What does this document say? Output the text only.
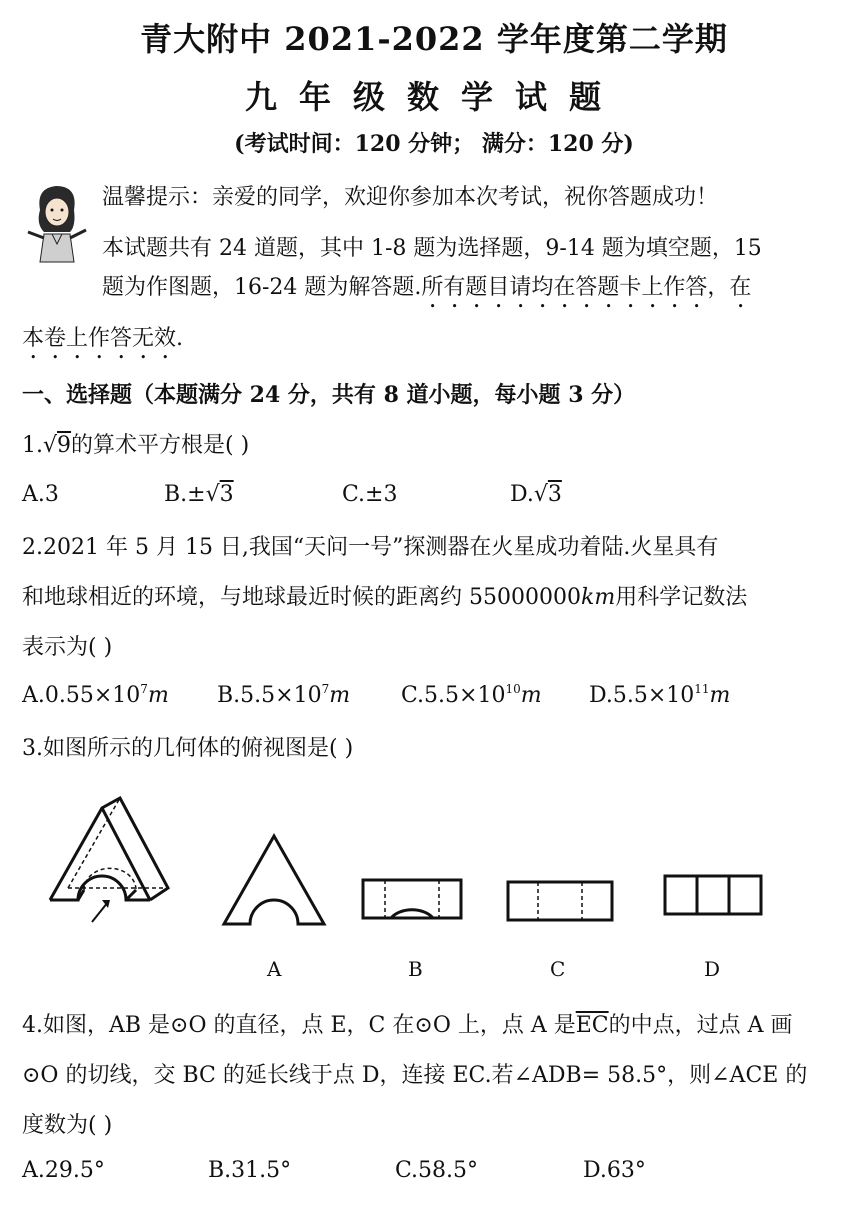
青大附中 2021-2022 学年度第二学期
九年级数学试题
(考试时间：120 分钟； 满分：120 分)
温馨提示：亲爱的同学，欢迎你参加本次考试，祝你答题成功！
本试题共有 24 道题，其中 1-8 题为选择题，9-14 题为填空题，15
题为作图题，16-24 题为解答题.所有题目请均在答题卡上作答，在
本卷上作答无效.
一、选择题（本题满分 24 分，共有 8 道小题，每小题 3 分）
1.√9的算术平方根是( )
A.3	B.±√3	C.±3	D.√3
2.2021 年 5 月 15 日,我国“天问一号”探测器在火星成功着陆.火星具有
和地球相近的环境，与地球最近时候的距离约 55000000km用科学记数法
表示为( )
$A.0.55\times 10^7m$ $B.5.5\times 10^7m$ $C.5.5\times 10^{10}m$ $D.5.5\times 10^{11}m$
3.如图所示的几何体的俯视图是( )
A	B	C	D
4.如图，AB 是⊙O 的直径，点 E，C 在⊙O 上，点 A 是$\overline{EC}$的中点，过点 A 画
⊙O 的切线，交 BC 的延长线于点 D，连接 EC.若∠ADB= 58.5°，则∠ACE 的
度数为( )
A.29.5°	B.31.5°	C.58.5°	D.63°
